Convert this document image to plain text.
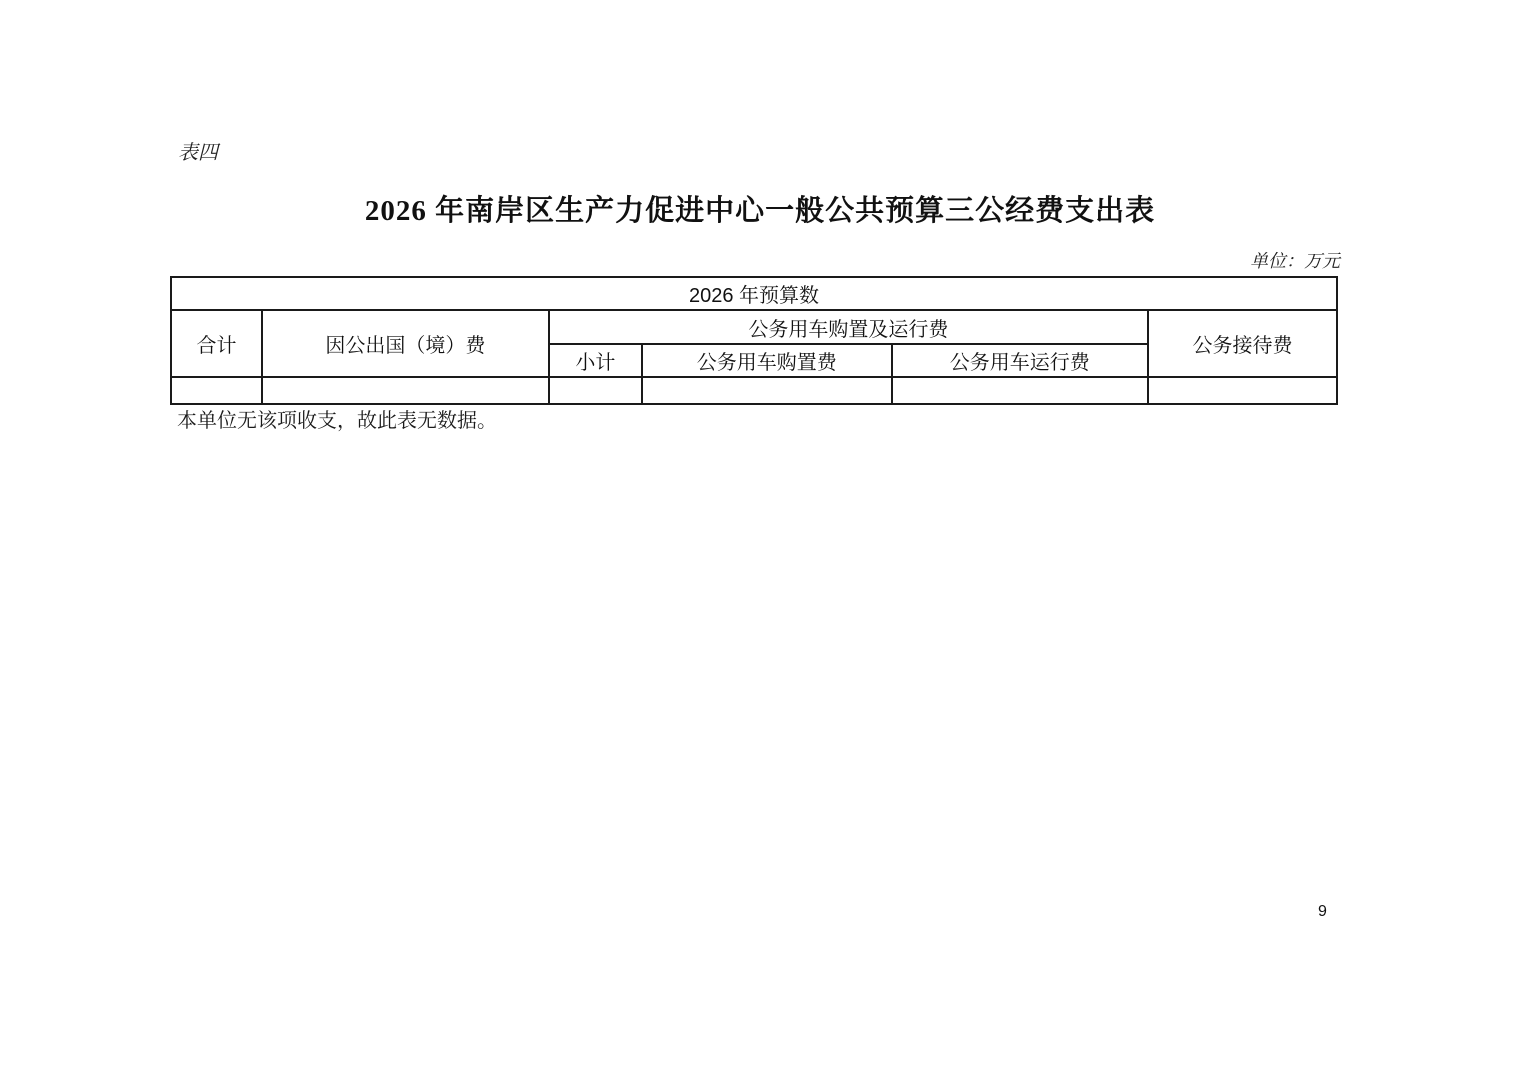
表四
2026 年南岸区生产力促进中心一般公共预算三公经费支出表
单位：万元
2026 年预算数					
合计	因公出国（境）费	公务用车购置及运行费			公务接待费
		小计	公务用车购置费	公务用车运行费	

本单位无该项收支，故此表无数据。
9
